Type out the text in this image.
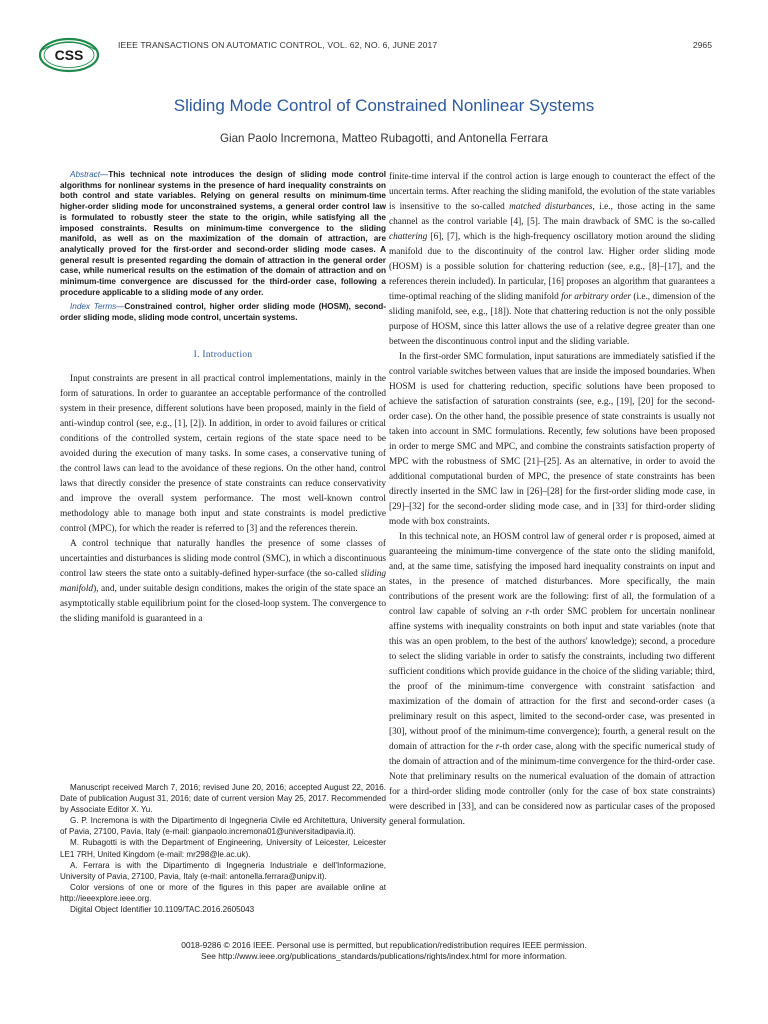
CSS
IEEE TRANSACTIONS ON AUTOMATIC CONTROL, VOL. 62, NO. 6, JUNE 2017	2965
Sliding Mode Control of Constrained Nonlinear Systems
Gian Paolo Incremona, Matteo Rubagotti, and Antonella Ferrara

Abstract—This technical note introduces the design of sliding mode control algorithms for nonlinear systems in the presence of hard inequality constraints on both control and state variables. Relying on general results on minimum-time higher-order sliding mode for unconstrained systems, a general order control law is formulated to robustly steer the state to the origin, while satisfying all the imposed constraints. Results on minimum-time convergence to the sliding manifold, as well as on the maximization of the domain of attraction, are analytically proved for the first-order and second-order sliding mode cases. A general result is presented regarding the domain of attraction in the general order case, while numerical results on the estimation of the domain of attraction and on minimum-time convergence are discussed for the third-order case, following a procedure applicable to a sliding mode of any order.

Index Terms—Constrained control, higher order sliding mode (HOSM), second-order sliding mode, sliding mode control, uncertain systems.

I. Introduction

Input constraints are present in all practical control implementations, mainly in the form of saturations. In order to guarantee an acceptable performance of the controlled system in their presence, different solutions have been proposed, mainly in the field of anti-windup control (see, e.g., [1], [2]). In addition, in order to avoid failures or critical conditions of the controlled system, certain regions of the state space need to be avoided during the execution of many tasks. In some cases, a conservative tuning of the control laws can lead to the avoidance of these regions. On the other hand, control laws that directly consider the presence of state constraints can reduce conservativity and improve the overall system performance. The most well-known control methodology able to manage both input and state constraints is model predictive control (MPC), for which the reader is referred to [3] and the references therein.

A control technique that naturally handles the presence of some classes of uncertainties and disturbances is sliding mode control (SMC), in which a discontinuous control law steers the state onto a suitably-defined hyper-surface (the so-called sliding manifold), and, under suitable design conditions, makes the origin of the state space an asymptotically stable equilibrium point for the closed-loop system. The convergence to the sliding manifold is guaranteed in a

finite-time interval if the control action is large enough to counteract the effect of the uncertain terms. After reaching the sliding manifold, the evolution of the state variables is insensitive to the so-called matched disturbances, i.e., those acting in the same channel as the control variable [4], [5]. The main drawback of SMC is the so-called chattering [6], [7], which is the high-frequency oscillatory motion around the sliding manifold due to the discontinuity of the control law. Higher order sliding mode (HOSM) is a possible solution for chattering reduction (see, e.g., [8]–[17], and the references therein included). In particular, [16] proposes an algorithm that guarantees a time-optimal reaching of the sliding manifold for arbitrary order (i.e., dimension of the sliding manifold, see, e.g., [18]). Note that chattering reduction is not the only possible purpose of HOSM, since this latter allows the use of a relative degree greater than one between the discontinuous control input and the sliding variable.

In the first-order SMC formulation, input saturations are immediately satisfied if the control variable switches between values that are inside the imposed boundaries. When HOSM is used for chattering reduction, specific solutions have been proposed to achieve the satisfaction of saturation constraints (see, e.g., [19], [20] for the second-order case). On the other hand, the possible presence of state constraints is usually not taken into account in SMC formulations. Recently, few solutions have been proposed in order to merge SMC and MPC, and combine the constraints satisfaction property of MPC with the robustness of SMC [21]–[25]. As an alternative, in order to avoid the additional computational burden of MPC, the presence of state constraints has been directly inserted in the SMC law in [26]–[28] for the first-order sliding mode case, in [29]–[32] for the second-order sliding mode case, and in [33] for third-order sliding mode with box constraints.

In this technical note, an HOSM control law of general order r is proposed, aimed at guaranteeing the minimum-time convergence of the state onto the sliding manifold, and, at the same time, satisfying the imposed hard inequality constraints on input and states, in the presence of matched disturbances. More specifically, the main contributions of the present work are the following: first of all, the formulation of a control law capable of solving an r-th order SMC problem for uncertain nonlinear affine systems with inequality constraints on both input and state variables (note that this was an open problem, to the best of the authors' knowledge); second, a procedure to select the sliding variable in order to satisfy the constraints, including two different sufficient conditions which provide guidance in the choice of the sliding variable; third, the proof of the minimum-time convergence with constraint satisfaction and maximization of the domain of attraction for the first and second-order cases (a preliminary result on this aspect, limited to the second-order case, was presented in [30], without proof of the minimum-time convergence); fourth, a general result on the domain of attraction for the r-th order case, along with the specific numerical study of the domain of attraction and of the minimum-time convergence for the third-order case. Note that preliminary results on the numerical evaluation of the domain of attraction for a third-order sliding mode controller (only for the case of box state constraints) were described in [33], and can be considered now as particular cases of the proposed general formulation.

Manuscript received March 7, 2016; revised June 20, 2016; accepted August 22, 2016. Date of publication August 31, 2016; date of current version May 25, 2017. Recommended by Associate Editor X. Yu.

G. P. Incremona is with the Dipartimento di Ingegneria Civile ed Architettura, University of Pavia, 27100, Pavia, Italy (e-mail: gianpaolo.incremona01@universitadipavia.it).

M. Rubagotti is with the Department of Engineering, University of Leicester, Leicester LE1 7RH, United Kingdom (e-mail: mr298@le.ac.uk).

A. Ferrara is with the Dipartimento di Ingegneria Industriale e dell'Informazione, University of Pavia, 27100, Pavia, Italy (e-mail: antonella.ferrara@unipv.it).

Color versions of one or more of the figures in this paper are available online at http://ieeexplore.ieee.org.

Digital Object Identifier 10.1109/TAC.2016.2605043

0018-9286 © 2016 IEEE. Personal use is permitted, but republication/redistribution requires IEEE permission.
See http://www.ieee.org/publications_standards/publications/rights/index.html for more information.
